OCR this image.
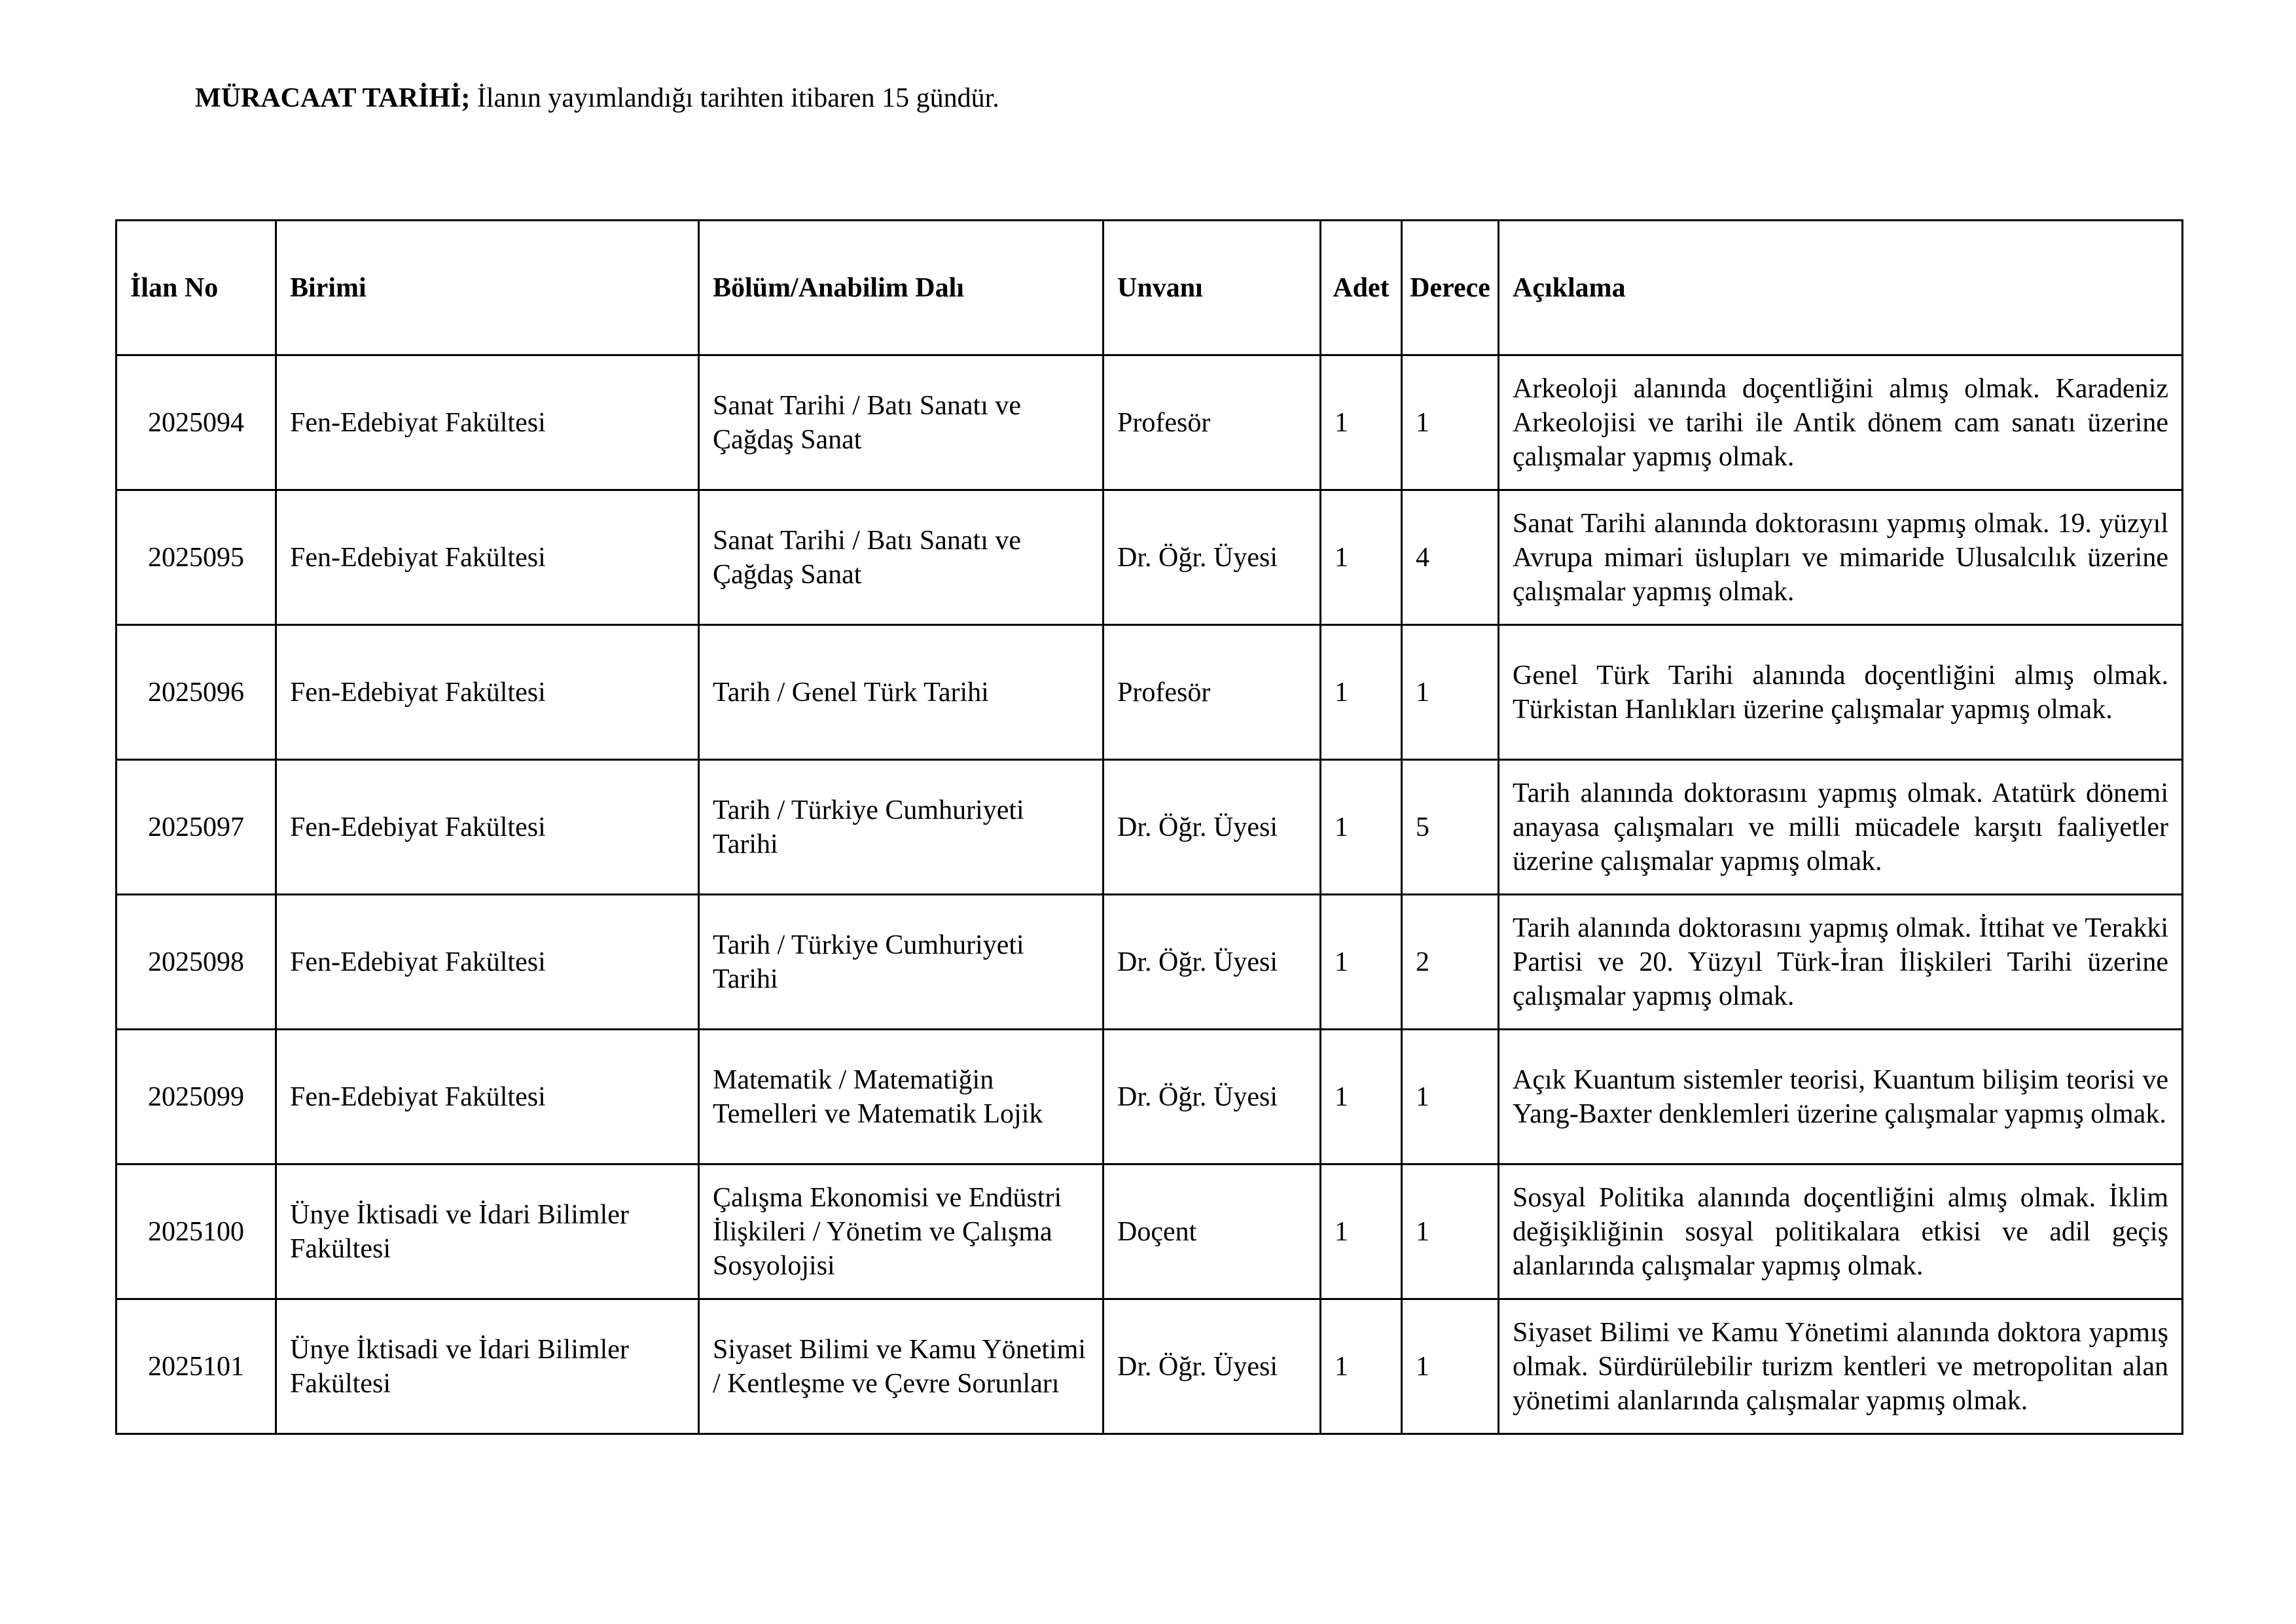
MÜRACAAT TARİHİ; İlanın yayımlandığı tarihten itibaren 15 gündür.
İlan No	Birimi	Bölüm/Anabilim Dalı	Unvanı	Adet	Derece	Açıklama
2025094	Fen-Edebiyat Fakültesi	Sanat Tarihi / Batı Sanatı ve Çağdaş Sanat	Profesör	1	1	Arkeoloji alanında doçentliğini almış olmak. Karadeniz Arkeolojisi ve tarihi ile Antik dönem cam sanatı üzerine çalışmalar yapmış olmak.
2025095	Fen-Edebiyat Fakültesi	Sanat Tarihi / Batı Sanatı ve Çağdaş Sanat	Dr. Öğr. Üyesi	1	4	Sanat Tarihi alanında doktorasını yapmış olmak. 19. yüzyıl Avrupa mimari üslupları ve mimaride Ulusalcılık üzerine çalışmalar yapmış olmak.
2025096	Fen-Edebiyat Fakültesi	Tarih / Genel Türk Tarihi	Profesör	1	1	Genel Türk Tarihi alanında doçentliğini almış olmak. Türkistan Hanlıkları üzerine çalışmalar yapmış olmak.
2025097	Fen-Edebiyat Fakültesi	Tarih / Türkiye Cumhuriyeti Tarihi	Dr. Öğr. Üyesi	1	5	Tarih alanında doktorasını yapmış olmak. Atatürk dönemi anayasa çalışmaları ve milli mücadele karşıtı faaliyetler üzerine çalışmalar yapmış olmak.
2025098	Fen-Edebiyat Fakültesi	Tarih / Türkiye Cumhuriyeti Tarihi	Dr. Öğr. Üyesi	1	2	Tarih alanında doktorasını yapmış olmak. İttihat ve Terakki Partisi ve 20. Yüzyıl Türk-İran İlişkileri Tarihi üzerine çalışmalar yapmış olmak.
2025099	Fen-Edebiyat Fakültesi	Matematik / Matematiğin Temelleri ve Matematik Lojik	Dr. Öğr. Üyesi	1	1	Açık Kuantum sistemler teorisi, Kuantum bilişim teorisi ve Yang-Baxter denklemleri üzerine çalışmalar yapmış olmak.
2025100	Ünye İktisadi ve İdari Bilimler Fakültesi	Çalışma Ekonomisi ve Endüstri İlişkileri / Yönetim ve Çalışma Sosyolojisi	Doçent	1	1	Sosyal Politika alanında doçentliğini almış olmak. İklim değişikliğinin sosyal politikalara etkisi ve adil geçiş alanlarında çalışmalar yapmış olmak.
2025101	Ünye İktisadi ve İdari Bilimler Fakültesi	Siyaset Bilimi ve Kamu Yönetimi / Kentleşme ve Çevre Sorunları	Dr. Öğr. Üyesi	1	1	Siyaset Bilimi ve Kamu Yönetimi alanında doktora yapmış olmak. Sürdürülebilir turizm kentleri ve metropolitan alan yönetimi alanlarında çalışmalar yapmış olmak.
